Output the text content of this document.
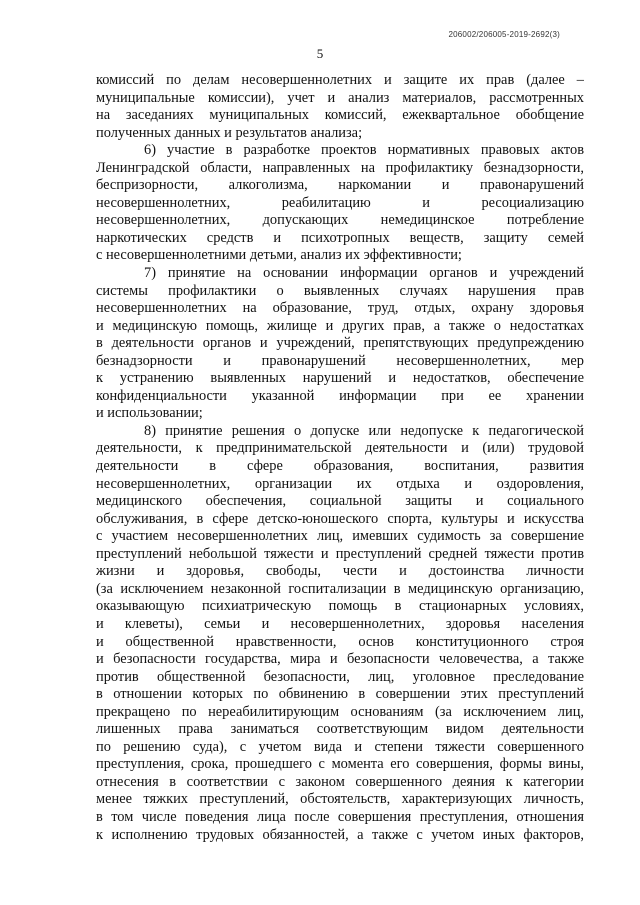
206002/206005-2019-2692(3)
5
комиссий по делам несовершеннолетних и защите их прав (далее –
муниципальные комиссии), учет и анализ материалов, рассмотренных
на заседаниях муниципальных комиссий, ежеквартальное обобщение
полученных данных и результатов анализа;
6) участие в разработке проектов нормативных правовых актов
Ленинградской области, направленных на профилактику безнадзорности,
беспризорности, алкоголизма, наркомании и правонарушений
несовершеннолетних, реабилитацию и ресоциализацию
несовершеннолетних, допускающих немедицинское потребление
наркотических средств и психотропных веществ, защиту семей
с несовершеннолетними детьми, анализ их эффективности;
7) принятие на основании информации органов и учреждений
системы профилактики о выявленных случаях нарушения прав
несовершеннолетних на образование, труд, отдых, охрану здоровья
и медицинскую помощь, жилище и других прав, а также о недостатках
в деятельности органов и учреждений, препятствующих предупреждению
безнадзорности и правонарушений несовершеннолетних, мер
к устранению выявленных нарушений и недостатков, обеспечение
конфиденциальности указанной информации при ее хранении
и использовании;
8) принятие решения о допуске или недопуске к педагогической
деятельности, к предпринимательской деятельности и (или) трудовой
деятельности в сфере образования, воспитания, развития
несовершеннолетних, организации их отдыха и оздоровления,
медицинского обеспечения, социальной защиты и социального
обслуживания, в сфере детско-юношеского спорта, культуры и искусства
с участием несовершеннолетних лиц, имевших судимость за совершение
преступлений небольшой тяжести и преступлений средней тяжести против
жизни и здоровья, свободы, чести и достоинства личности
(за исключением незаконной госпитализации в медицинскую организацию,
оказывающую психиатрическую помощь в стационарных условиях,
и клеветы), семьи и несовершеннолетних, здоровья населения
и общественной нравственности, основ конституционного строя
и безопасности государства, мира и безопасности человечества, а также
против общественной безопасности, лиц, уголовное преследование
в отношении которых по обвинению в совершении этих преступлений
прекращено по нереабилитирующим основаниям (за исключением лиц,
лишенных права заниматься соответствующим видом деятельности
по решению суда), с учетом вида и степени тяжести совершенного
преступления, срока, прошедшего с момента его совершения, формы вины,
отнесения в соответствии с законом совершенного деяния к категории
менее тяжких преступлений, обстоятельств, характеризующих личность,
в том числе поведения лица после совершения преступления, отношения
к исполнению трудовых обязанностей, а также с учетом иных факторов,
